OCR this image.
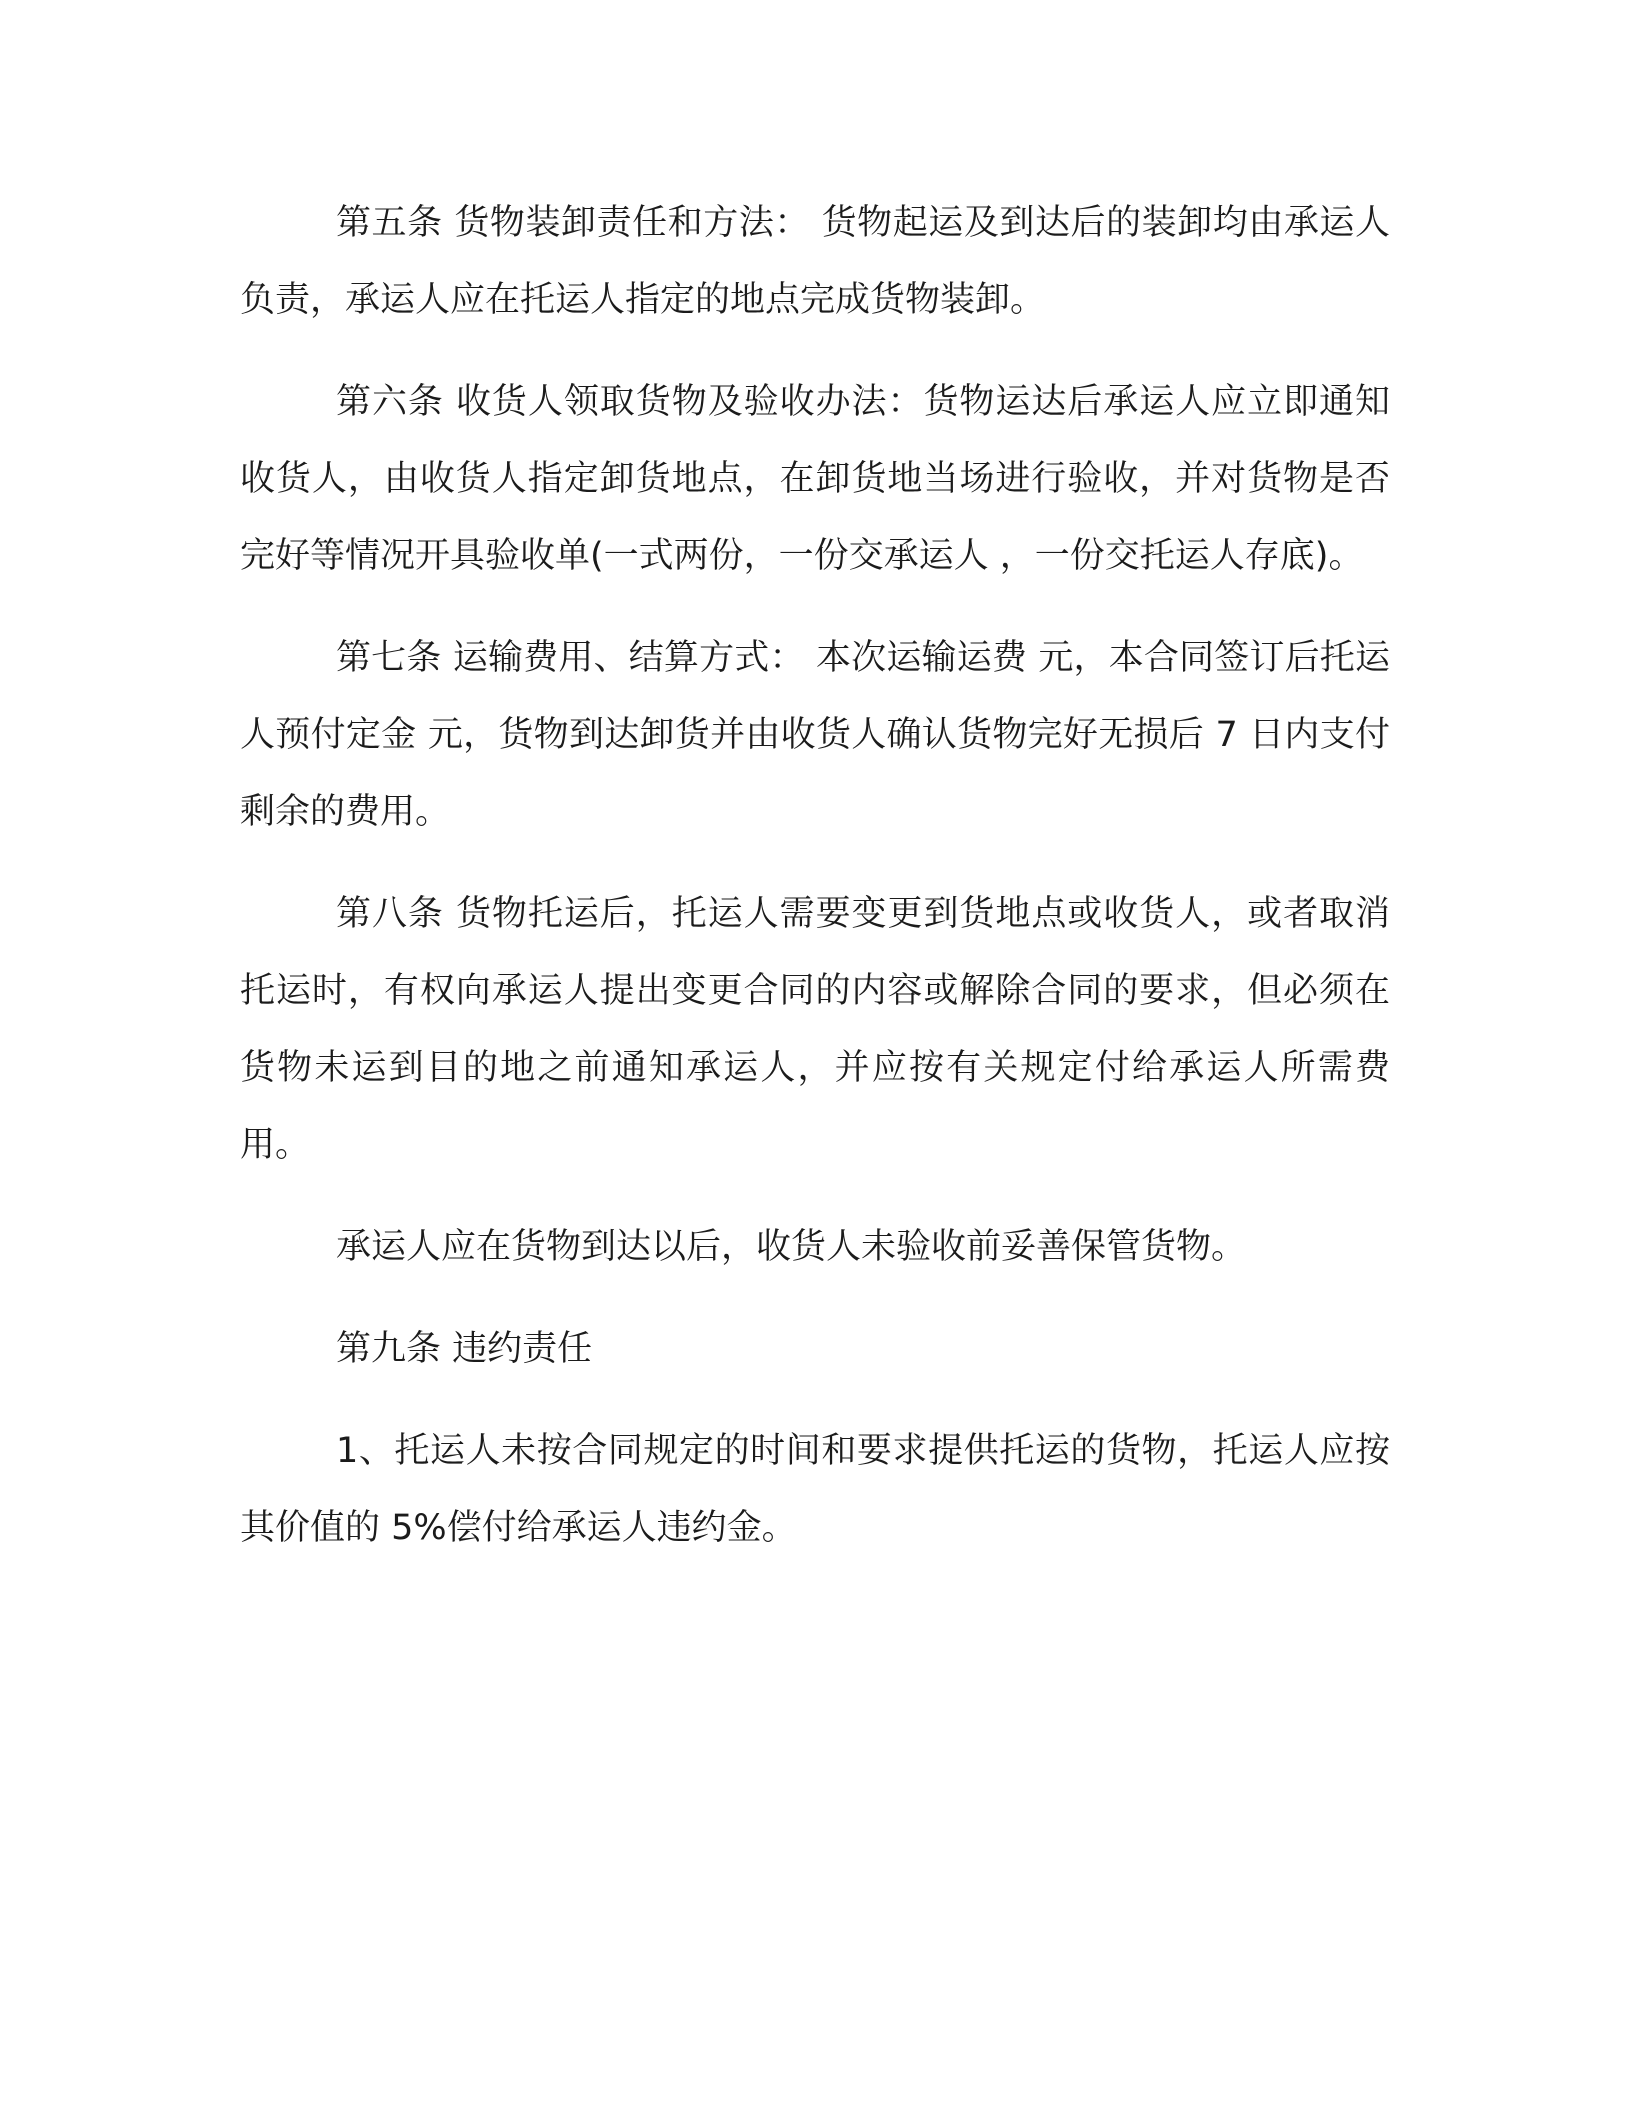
第五条 货物装卸责任和方法： 货物起运及到达后的装卸均由承运人负责，承运人应在托运人指定的地点完成货物装卸。

第六条 收货人领取货物及验收办法：货物运达后承运人应立即通知收货人，由收货人指定卸货地点，在卸货地当场进行验收，并对货物是否完好等情况开具验收单(一式两份，一份交承运人 ，一份交托运人存底)。

第七条 运输费用、结算方式： 本次运输运费 元，本合同签订后托运人预付定金 元，货物到达卸货并由收货人确认货物完好无损后 7 日内支付剩余的费用。

第八条 货物托运后，托运人需要变更到货地点或收货人，或者取消托运时，有权向承运人提出变更合同的内容或解除合同的要求，但必须在货物未运到目的地之前通知承运人，并应按有关规定付给承运人所需费用。

承运人应在货物到达以后，收货人未验收前妥善保管货物。

第九条 违约责任

1、托运人未按合同规定的时间和要求提供托运的货物，托运人应按其价值的 5%偿付给承运人违约金。
